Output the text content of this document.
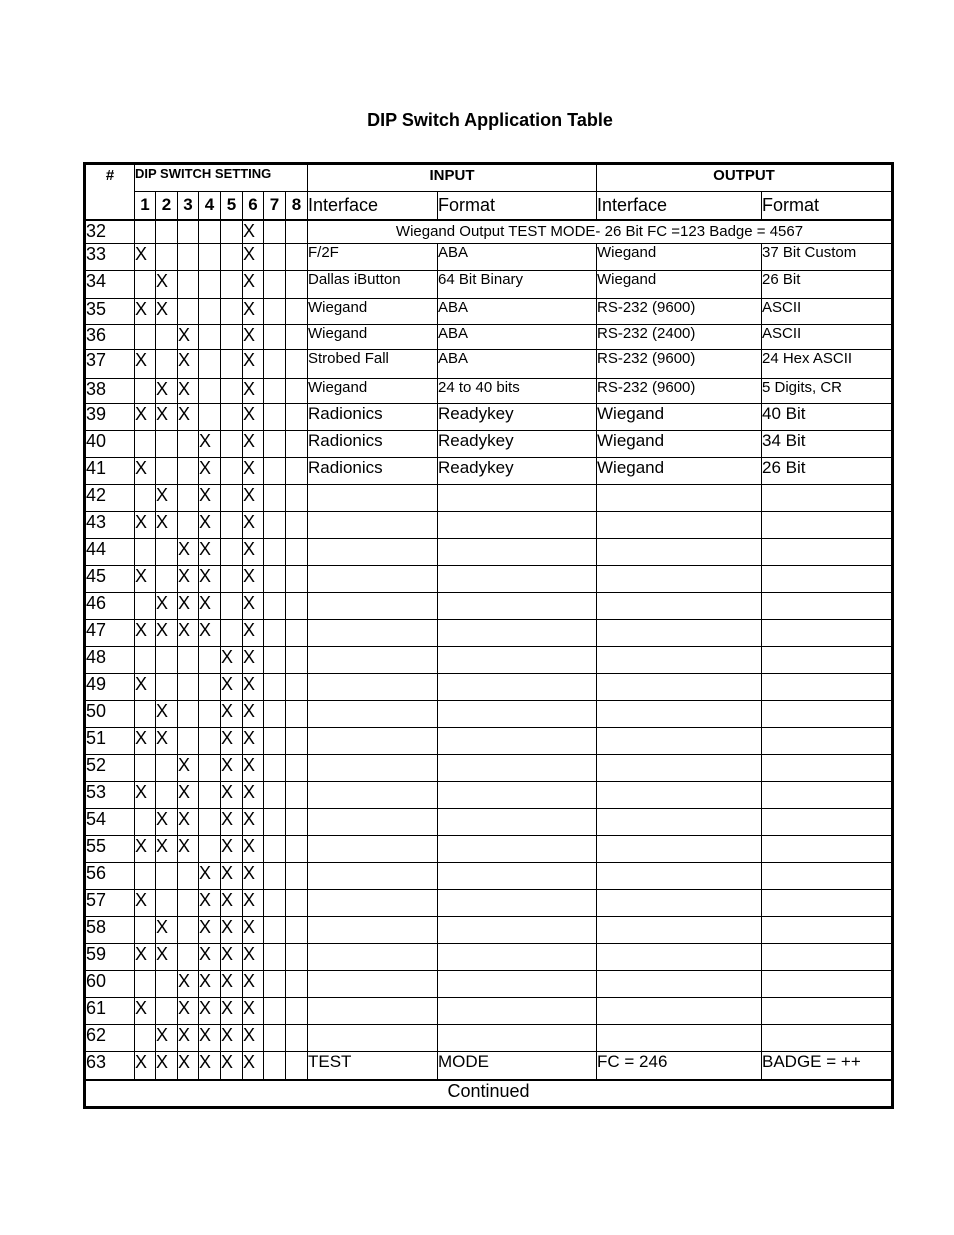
DIP Switch Application Table
#	DIP SWITCH SETTING								INPUT		OUTPUT	
	1	2	3	4	5	6	7	8	Interface	Format	Interface	Format
32						X			Wiegand Output TEST MODE- 26 Bit FC =123 Badge = 4567			
33	X					X			F/2F	ABA	Wiegand	37 Bit Custom
34		X				X			Dallas iButton	64 Bit Binary	Wiegand	26 Bit
35	X	X				X			Wiegand	ABA	RS-232 (9600)	ASCII
36			X			X			Wiegand	ABA	RS-232 (2400)	ASCII
37	X		X			X			Strobed Fall	ABA	RS-232 (9600)	24 Hex ASCII
38		X	X			X			Wiegand	24 to 40 bits	RS-232 (9600)	5 Digits, CR
39	X	X	X			X			Radionics	Readykey	Wiegand	40 Bit
40				X		X			Radionics	Readykey	Wiegand	34 Bit
41	X			X		X			Radionics	Readykey	Wiegand	26 Bit
42		X		X		X						
43	X	X		X		X						
44			X	X		X						
45	X		X	X		X						
46		X	X	X		X						
47	X	X	X	X		X						
48					X	X						
49	X				X	X						
50		X			X	X						
51	X	X			X	X						
52			X		X	X						
53	X		X		X	X						
54		X	X		X	X						
55	X	X	X		X	X						
56				X	X	X						
57	X			X	X	X						
58		X		X	X	X						
59	X	X		X	X	X						
60			X	X	X	X						
61	X		X	X	X	X						
62		X	X	X	X	X						
63	X	X	X	X	X	X			TEST	MODE	FC = 246	BADGE = ++
Continued												
